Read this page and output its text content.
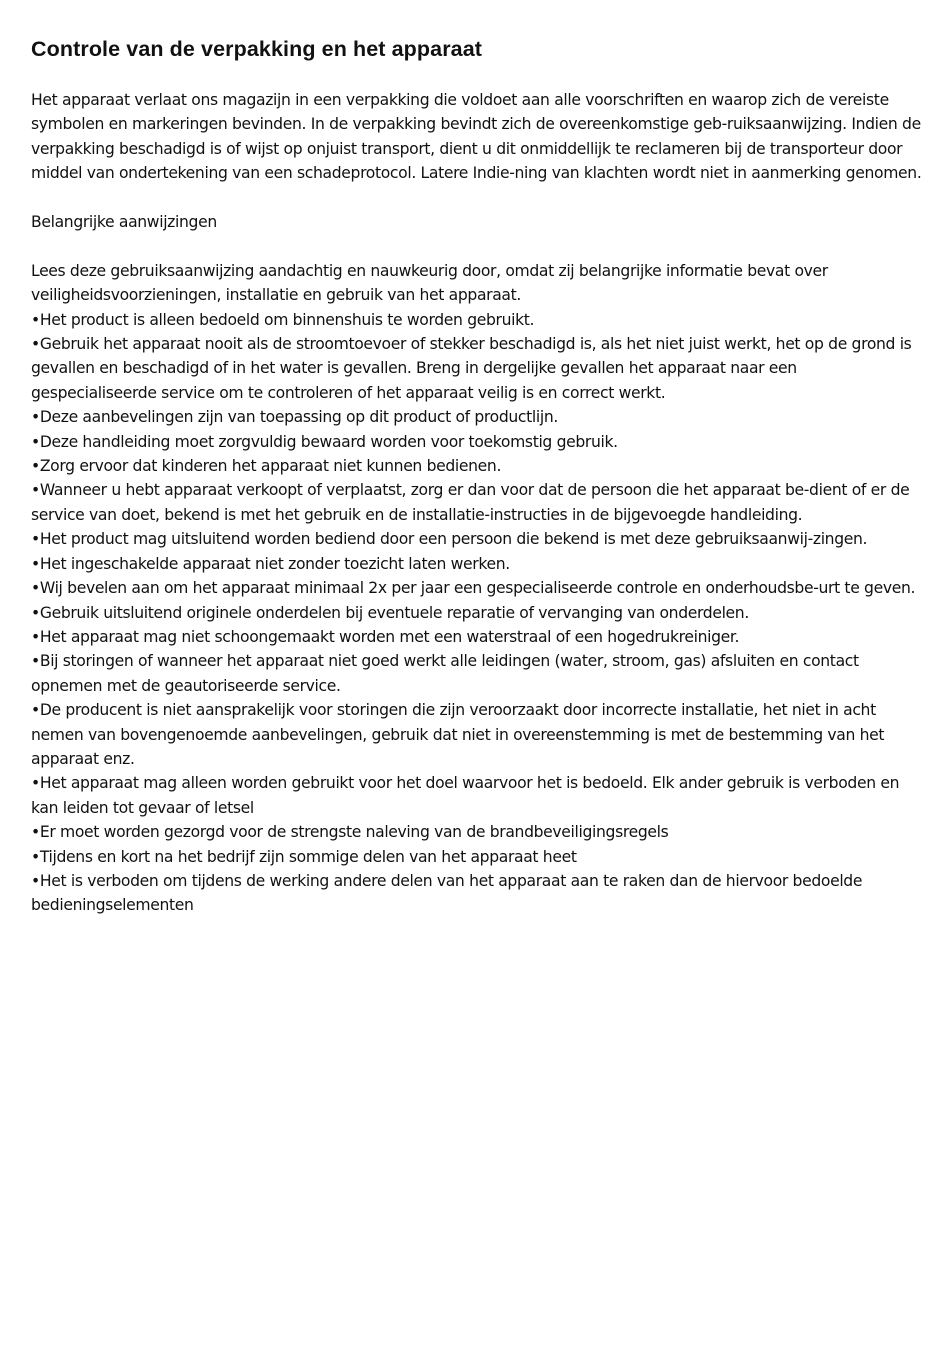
Controle van de verpakking en het apparaat

Het apparaat verlaat ons magazijn in een verpakking die voldoet aan alle voorschriften en waarop zich de vereiste symbolen en markeringen bevinden. In de verpakking bevindt zich de overeenkomstige geb-ruiksaanwijzing. Indien de verpakking beschadigd is of wijst op onjuist transport, dient u dit onmiddellijk te reclameren bij de transporteur door middel van ondertekening van een schadeprotocol. Latere Indie-ning van klachten wordt niet in aanmerking genomen.

Belangrijke aanwijzingen

Lees deze gebruiksaanwijzing aandachtig en nauwkeurig door, omdat zij belangrijke informatie bevat over veiligheidsvoorzieningen, installatie en gebruik van het apparaat.

•Het product is alleen bedoeld om binnenshuis te worden gebruikt.

•Gebruik het apparaat nooit als de stroomtoevoer of stekker beschadigd is, als het niet juist werkt, het op de grond is gevallen en beschadigd of in het water is gevallen. Breng in dergelijke gevallen het apparaat naar een gespecialiseerde service om te controleren of het apparaat veilig is en correct werkt.

•Deze aanbevelingen zijn van toepassing op dit product of productlijn.

•Deze handleiding moet zorgvuldig bewaard worden voor toekomstig gebruik.

•Zorg ervoor dat kinderen het apparaat niet kunnen bedienen.

•Wanneer u hebt apparaat verkoopt of verplaatst, zorg er dan voor dat de persoon die het apparaat be-dient of er de service van doet, bekend is met het gebruik en de installatie-instructies in de bijgevoegde handleiding.

•Het product mag uitsluitend worden bediend door een persoon die bekend is met deze gebruiksaanwij-zingen.

•Het ingeschakelde apparaat niet zonder toezicht laten werken.

•Wij bevelen aan om het apparaat minimaal 2x per jaar een gespecialiseerde controle en onderhoudsbe-urt te geven.

•Gebruik uitsluitend originele onderdelen bij eventuele reparatie of vervanging van onderdelen.

•Het apparaat mag niet schoongemaakt worden met een waterstraal of een hogedrukreiniger.

•Bij storingen of wanneer het apparaat niet goed werkt alle leidingen (water, stroom, gas) afsluiten en contact opnemen met de geautoriseerde service.

•De producent is niet aansprakelijk voor storingen die zijn veroorzaakt door incorrecte installatie, het niet in acht nemen van bovengenoemde aanbevelingen, gebruik dat niet in overeenstemming is met de bestemming van het apparaat enz.

•Het apparaat mag alleen worden gebruikt voor het doel waarvoor het is bedoeld. Elk ander gebruik is verboden en kan leiden tot gevaar of letsel

•Er moet worden gezorgd voor de strengste naleving van de brandbeveiligingsregels

•Tijdens en kort na het bedrijf zijn sommige delen van het apparaat heet

•Het is verboden om tijdens de werking andere delen van het apparaat aan te raken dan de hiervoor bedoelde bedieningselementen
